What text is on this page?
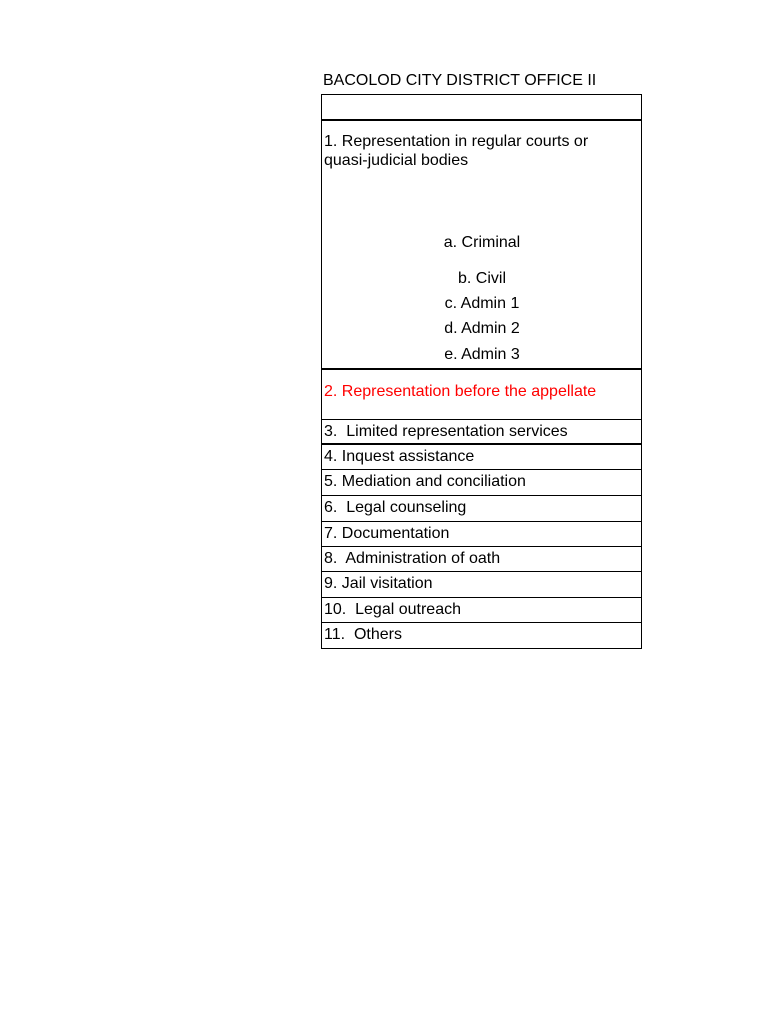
BACOLOD CITY DISTRICT OFFICE II
1. Representation in regular courts or quasi-judicial bodies
a. Criminal
b. Civil
c. Admin 1
d. Admin 2
e. Admin 3
2. Representation before the appellate
3.  Limited representation services
4. Inquest assistance
5. Mediation and conciliation
6.  Legal counseling
7. Documentation
8.  Administration of oath
9. Jail visitation
10.  Legal outreach
11.  Others
